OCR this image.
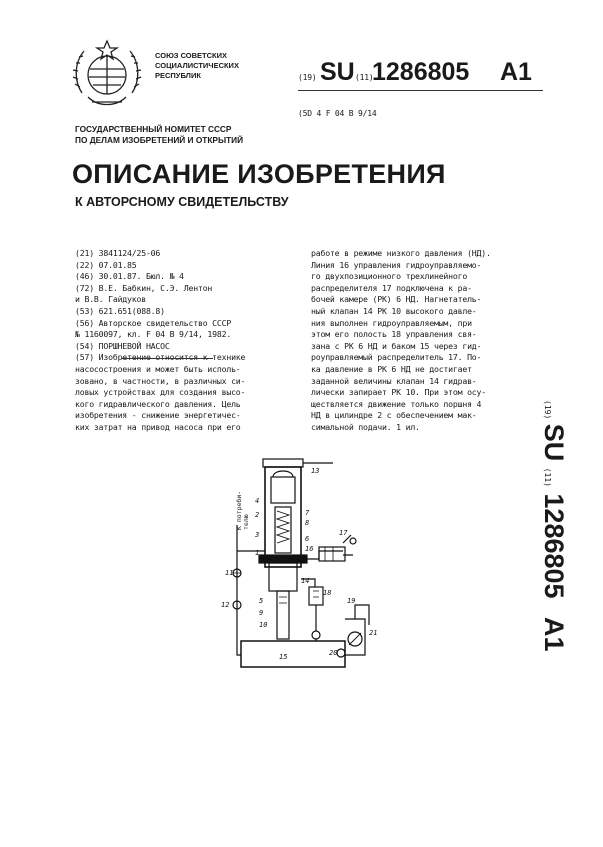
СОЮЗ СОВЕТСКИХ
СОЦИАЛИСТИЧЕСКИХ
РЕСПУБЛИК	(19) SU (11)
1286805 A1
(5D 4 F 04 B 9/14
ГОСУДАРСТВЕННЫЙ НОМИТЕТ СССР
ПО ДЕЛАМ ИЗОБРЕТЕНИЙ И ОТКРЫТИЙ
ОПИСАНИЕ ИЗОБРЕТЕНИЯ
К АВТОРСНОМУ СВИДЕТЕЛЬСТВУ
(21) 3841124/25-06
(22) 07.01.85
(46) 30.01.87. Бюл. № 4
(72) В.Е. Бабкин, С.Э. Лентон
и В.В. Гайдуков
(53) 621.651(088.8)
(56) Авторское свидетельство СССР
№ 1160097, кл. F 04 B 9/14, 1982.
(54) ПОРШНЕВОЙ НАСОС
(57) Изобретение относится к технике
насосостроения и может быть исполь-
зовано, в частности, в различных си-
ловых устройствах для создания высо-
кого гидравлического давления. Цель
изобретения - снижение энергетичес-
ких затрат на привод насоса при его
работе в режиме низкого давления (НД).
Линия 16 управления гидроуправляемо-
го двухпозиционного трехлинейного
распределителя 17 подключена к ра-
бочей камере (РК) 6 НД. Нагнетатель-
ный клапан 14 РК 10 высокого давле-
ния выполнен гидроуправляемым, при
этом его полость 18 управления свя-
зана с РК 6 НД и баком 15 через гид-
роуправляемый распределитель 17. По-
ка давление в РК 6 НД не достигает
заданной величины клапан 14 гидрав-
лически запирает РК 10. При этом осу-
ществляется движение только поршня 4
НД в цилиндре 2 с обеспечением мак-
симальной подачи. 1 ил.
(19) SU (11) 1286805 A1
1
2
3
4
5
6
7
8
9
10
11
12
13
14
15
16
17
18
19
20
21
К потреби- телю
